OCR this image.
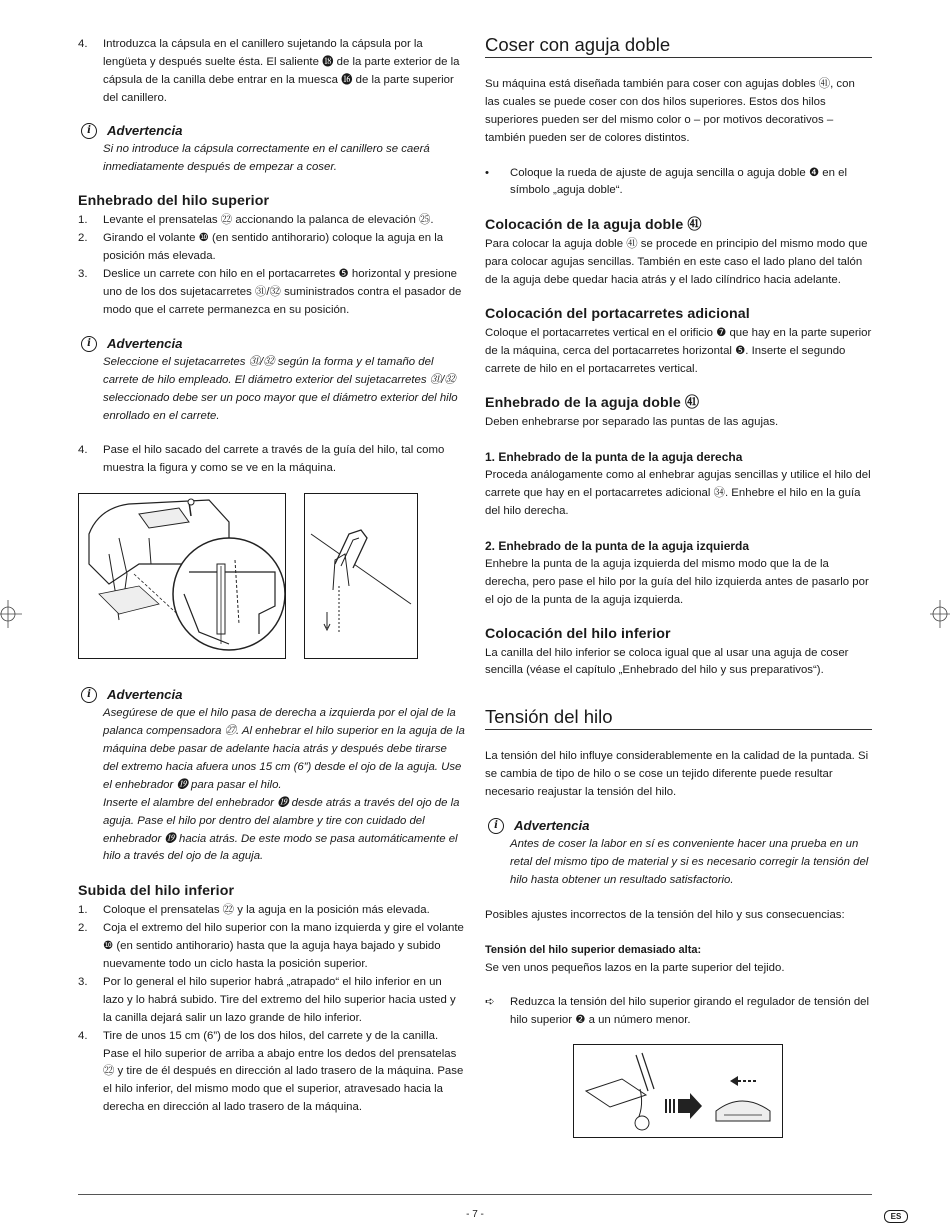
4. Introduzca la cápsula en el canillero sujetando la cápsula por la lengüeta y después suelte ésta. El saliente ⓲ de la parte exterior de la cápsula de la canilla debe entrar en la muesca ⓰ de la parte superior del canillero.
i	Advertencia

Si no introduce la cápsula correctamente en el canillero se caerá inmediatamente después de empezar a coser.

Enhebrado del hilo superior
1. Levante el prensatelas ㉒ accionando la palanca de elevación ㉕.
2. Girando el volante ❿ (en sentido antihorario) coloque la aguja en la posición más elevada.
3. Deslice un carrete con hilo en el portacarretes ❺ horizontal y presione uno de los dos sujetacarretes ㉛/㉜ suministrados contra el pasador de modo que el carrete permanezca en su posición.
i	Advertencia

Seleccione el sujetacarretes ㉛/㉜ según la forma y el tamaño del carrete de hilo empleado. El diámetro exterior del sujetacarretes ㉛/㉜ seleccionado debe ser un poco mayor que el diámetro exterior del hilo enrollado en el carrete.

4. Pase el hilo sacado del carrete a través de la guía del hilo, tal como muestra la figura y como se ve en la máquina.
i	Advertencia

Asegúrese de que el hilo pasa de derecha a izquierda por el ojal de la palanca compensadora ㉗. Al enhebrar el hilo superior en la aguja de la máquina debe pasar de adelante hacia atrás y después debe tirarse del extremo hacia afuera unos 15 cm (6”) desde el ojo de la aguja. Use el enhebrador ⓳ para pasar el hilo.

Inserte el alambre del enhebrador ⓳ desde atrás a través del ojo de la aguja. Pase el hilo por dentro del alambre y tire con cuidado del enhebrador ⓳ hacia atrás. De este modo se pasa automáticamente el hilo a través del ojo de la aguja.

Subida del hilo inferior
1. Coloque el prensatelas ㉒ y la aguja en la posición más elevada.
2. Coja el extremo del hilo superior con la mano izquierda y gire el volante ❿ (en sentido antihorario) hasta que la aguja haya bajado y subido nuevamente todo un ciclo hasta la posición superior.
3. Por lo general el hilo superior habrá „atrapado“ el hilo inferior en un lazo y lo habrá subido. Tire del extremo del hilo superior hacia usted y la canilla dejará salir un lazo grande de hilo inferior.
4. Tire de unos 15 cm (6”) de los dos hilos, del carrete y de la canilla. Pase el hilo superior de arriba a abajo entre los dedos del prensatelas ㉒ y tire de él después en dirección al lado trasero de la máquina. Pase el hilo inferior, del mismo modo que el superior, atravesado hacia la derecha en dirección al lado trasero de la máquina.
Coser con aguja doble

Su máquina está diseñada también para coser con agujas dobles ㊶, con las cuales se puede coser con dos hilos superiores. Estos dos hilos superiores pueden ser del mismo color o – por motivos decorativos – también pueden ser de colores distintos.

• Coloque la rueda de ajuste de aguja sencilla o aguja doble ❹ en el símbolo „aguja doble“.
Colocación de la aguja doble ㊶

Para colocar la aguja doble ㊶ se procede en principio del mismo modo que para colocar agujas sencillas. También en este caso el lado plano del talón de la aguja debe quedar hacia atrás y el lado cilíndrico hacia adelante.

Colocación del portacarretes adicional

Coloque el portacarretes vertical en el orificio ❼ que hay en la parte superior de la máquina, cerca del portacarretes horizontal ❺. Inserte el segundo carrete de hilo en el portacarretes vertical.

Enhebrado de la aguja doble ㊶

Deben enhebrarse por separado las puntas de las agujas.

1. Enhebrado de la punta de la aguja derecha

Proceda análogamente como al enhebrar agujas sencillas y utilice el hilo del carrete que hay en el portacarretes adicional ㉞. Enhebre el hilo en la guía del hilo derecha.

2. Enhebrado de la punta de la aguja izquierda

Enhebre la punta de la aguja izquierda del mismo modo que la de la derecha, pero pase el hilo por la guía del hilo izquierda antes de pasarlo por el ojo de la punta de la aguja izquierda.

Colocación del hilo inferior

La canilla del hilo inferior se coloca igual que al usar una aguja de coser sencilla (véase el capítulo „Enhebrado del hilo y sus preparativos“).

Tensión del hilo

La tensión del hilo influye considerablemente en la calidad de la puntada. Si se cambia de tipo de hilo o se cose un tejido diferente puede resultar necesario reajustar la tensión del hilo.

i	Advertencia

Antes de coser la labor en sí es conveniente hacer una prueba en un retal del mismo tipo de material y si es necesario corregir la tensión del hilo hasta obtener un resultado satisfactorio.

Posibles ajustes incorrectos de la tensión del hilo y sus consecuencias:

Tensión del hilo superior demasiado alta:

Se ven unos pequeños lazos en la parte superior del tejido.

➪ Reduzca la tensión del hilo superior girando el regulador de tensión del hilo superior ❷ a un número menor.
- 7 -	ES
